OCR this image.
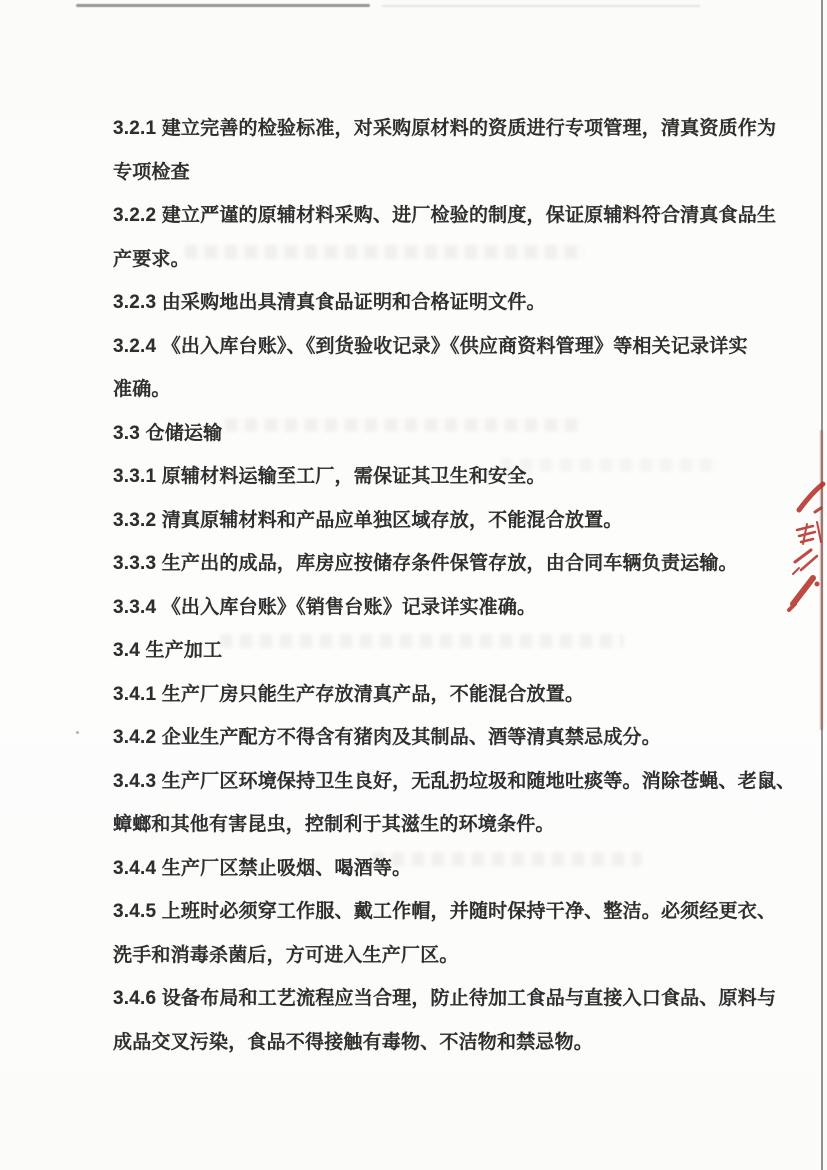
3.2.1 建立完善的检验标准，对采购原材料的资质进行专项管理，清真资质作为
专项检查
3.2.2 建立严谨的原辅材料采购、进厂检验的制度，保证原辅料符合清真食品生
产要求。
3.2.3 由采购地出具清真食品证明和合格证明文件。
3.2.4 《出入库台账》、《到货验收记录》《供应商资料管理》等相关记录详实
准确。
3.3 仓储运输
3.3.1 原辅材料运输至工厂，需保证其卫生和安全。
3.3.2 清真原辅材料和产品应单独区域存放，不能混合放置。
3.3.3 生产出的成品，库房应按储存条件保管存放，由合同车辆负责运输。
3.3.4 《出入库台账》《销售台账》记录详实准确。
3.4 生产加工
3.4.1 生产厂房只能生产存放清真产品，不能混合放置。
3.4.2 企业生产配方不得含有猪肉及其制品、酒等清真禁忌成分。
3.4.3 生产厂区环境保持卫生良好，无乱扔垃圾和随地吐痰等。消除苍蝇、老鼠、
蟑螂和其他有害昆虫，控制利于其滋生的环境条件。
3.4.4 生产厂区禁止吸烟、喝酒等。
3.4.5 上班时必须穿工作服、戴工作帽，并随时保持干净、整洁。必须经更衣、
洗手和消毒杀菌后，方可进入生产厂区。
3.4.6 设备布局和工艺流程应当合理，防止待加工食品与直接入口食品、原料与
成品交叉污染，食品不得接触有毒物、不洁物和禁忌物。
